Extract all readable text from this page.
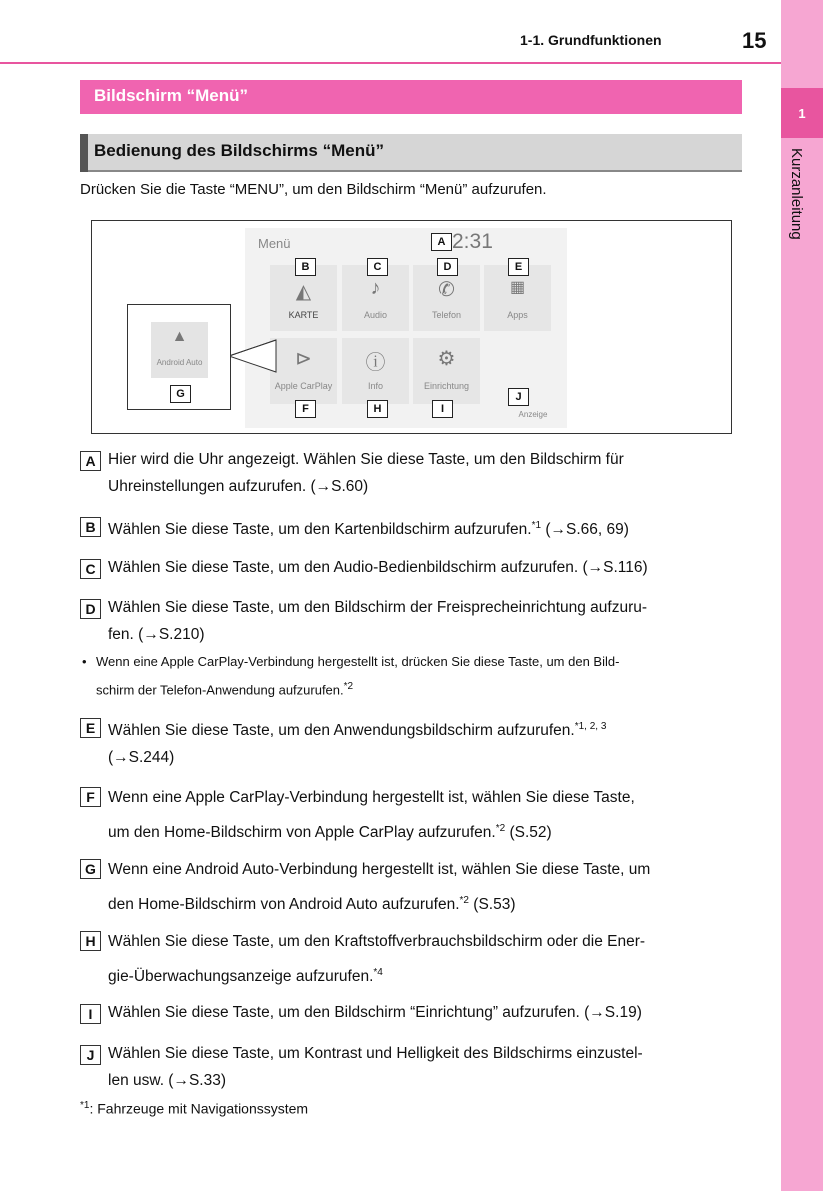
1
Kurzanleitung
1-1. Grundfunktionen	15
Bildschirm “Menü”
Bedienung des Bildschirms “Menü”
Drücken Sie die Taste “MENU”, um den Bildschirm “Menü” aufzurufen.
◭
KARTE
♪
Audio
✆
Telefon
▦
Apps
⊳
Apple CarPlay
ⓘ
Info
⚙
Einrichtung
Anzeige
Menü	2:31
▲
Android Auto
A
B	C	D	E
F
G
H	I
J
A Hier wird die Uhr angezeigt. Wählen Sie diese Taste, um den Bildschirm für
Uhreinstellungen aufzurufen. (→S.60)
B Wählen Sie diese Taste, um den Kartenbildschirm aufzurufen.$^{*1}$ (→S.66, 69)
C Wählen Sie diese Taste, um den Audio-Bedienbildschirm aufzurufen. (→S.116)
D Wählen Sie diese Taste, um den Bildschirm der Freisprecheinrichtung aufzuru-
fen. (→S.210)
• Wenn eine Apple CarPlay-Verbindung hergestellt ist, drücken Sie diese Taste, um den Bild-
schirm der Telefon-Anwendung aufzurufen.$^{*2}$
E Wählen Sie diese Taste, um den Anwendungsbildschirm aufzurufen.$^{*1, 2, 3}$
(→S.244)
F Wenn eine Apple CarPlay-Verbindung hergestellt ist, wählen Sie diese Taste,
um den Home-Bildschirm von Apple CarPlay aufzurufen.$^{*2}$ (S.52)
G Wenn eine Android Auto-Verbindung hergestellt ist, wählen Sie diese Taste, um
den Home-Bildschirm von Android Auto aufzurufen.$^{*2}$ (S.53)
H Wählen Sie diese Taste, um den Kraftstoffverbrauchsbildschirm oder die Ener-
gie-Überwachungsanzeige aufzurufen.$^{*4}$
I	Wählen Sie diese Taste, um den Bildschirm “Einrichtung” aufzurufen. (→S.19)
J Wählen Sie diese Taste, um Kontrast und Helligkeit des Bildschirms einzustel-
len usw. (→S.33)
$^{*1}$: Fahrzeuge mit Navigationssystem
